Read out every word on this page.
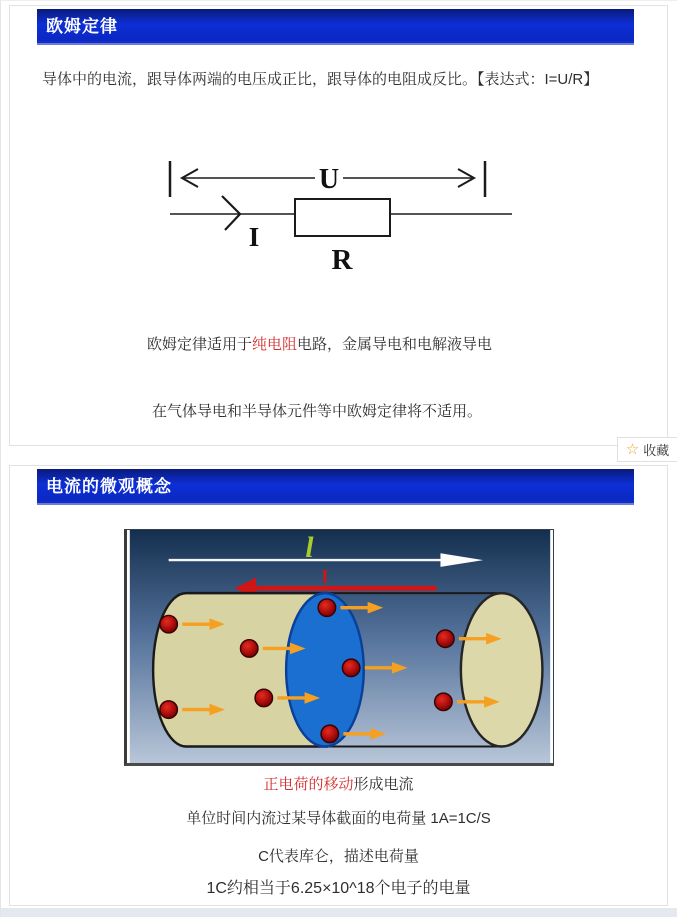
欧姆定律

导体中的电流，跟导体两端的电压成正比，跟导体的电阻成反比。【表达式：I=U/R】

U
I
R

欧姆定律适用于纯电阻电路，金属导电和电解液导电

在气体导电和半导体元件等中欧姆定律将不适用。

☆ 收藏
电流的微观概念
l
I

正电荷的移动形成电流

单位时间内流过某导体截面的电荷量 1A=1C/S

C代表库仑，描述电荷量

1C约相当于6.25×10^18个电子的电量
